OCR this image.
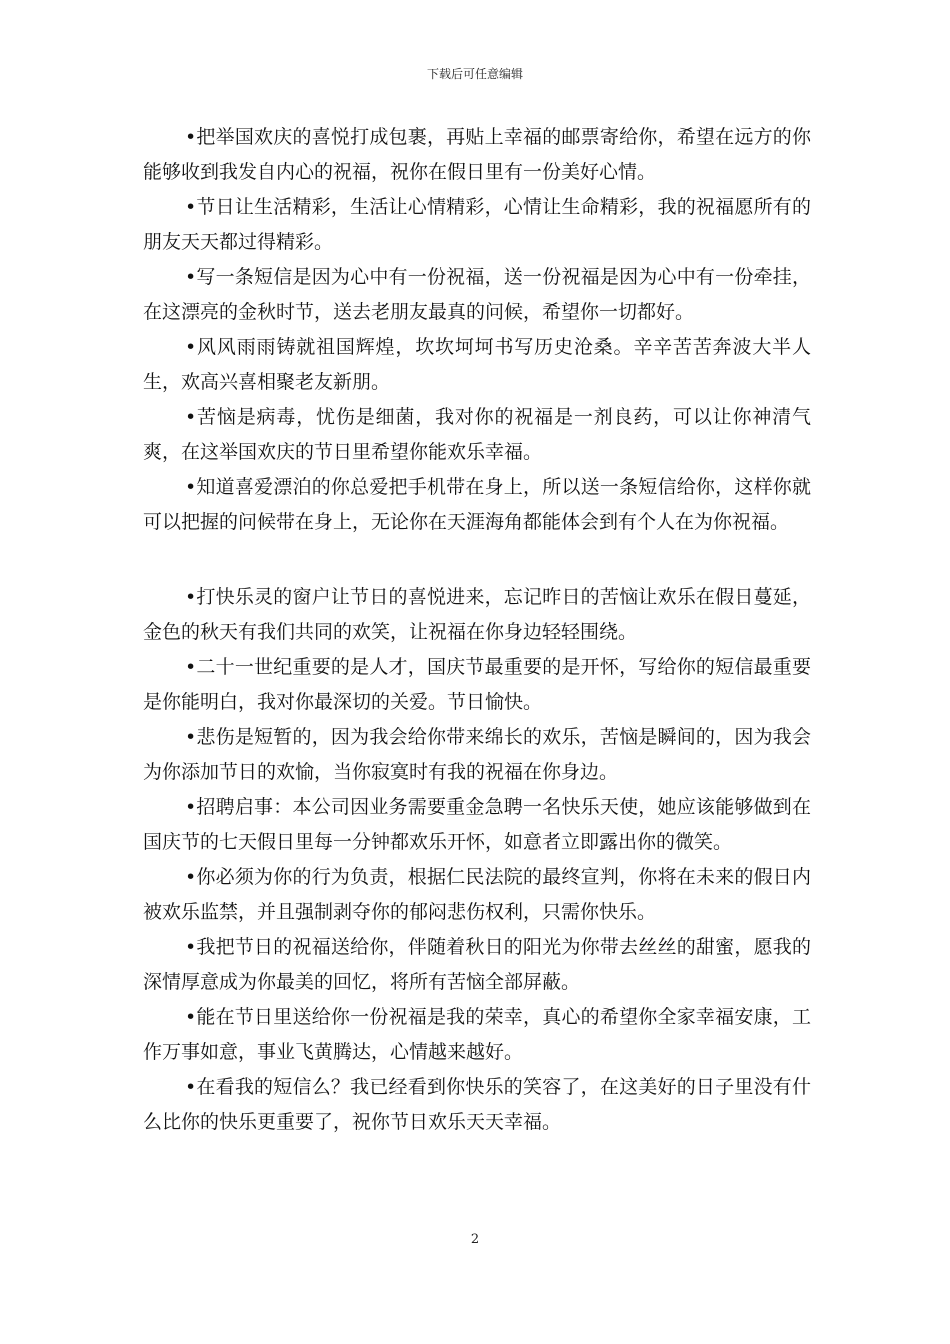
下载后可任意编辑

•把举国欢庆的喜悦打成包裹，再贴上幸福的邮票寄给你，希望在远方的你能够收到我发自内心的祝福，祝你在假日里有一份美好心情。

•节日让生活精彩，生活让心情精彩，心情让生命精彩，我的祝福愿所有的朋友天天都过得精彩。

•写一条短信是因为心中有一份祝福，送一份祝福是因为心中有一份牵挂，在这漂亮的金秋时节，送去老朋友最真的问候，希望你一切都好。

•风风雨雨铸就祖国辉煌，坎坎坷坷书写历史沧桑。辛辛苦苦奔波大半人生，欢高兴喜相聚老友新朋。

•苦恼是病毒，忧伤是细菌，我对你的祝福是一剂良药，可以让你神清气爽，在这举国欢庆的节日里希望你能欢乐幸福。

•知道喜爱漂泊的你总爱把手机带在身上，所以送一条短信给你，这样你就可以把握的问候带在身上，无论你在天涯海角都能体会到有个人在为你祝福。

•打快乐灵的窗户让节日的喜悦进来，忘记昨日的苦恼让欢乐在假日蔓延，金色的秋天有我们共同的欢笑，让祝福在你身边轻轻围绕。

•二十一世纪重要的是人才，国庆节最重要的是开怀，写给你的短信最重要是你能明白，我对你最深切的关爱。节日愉快。

•悲伤是短暂的，因为我会给你带来绵长的欢乐，苦恼是瞬间的，因为我会为你添加节日的欢愉，当你寂寞时有我的祝福在你身边。

•招聘启事：本公司因业务需要重金急聘一名快乐天使，她应该能够做到在国庆节的七天假日里每一分钟都欢乐开怀，如意者立即露出你的微笑。

•你必须为你的行为负责，根据仁民法院的最终宣判，你将在未来的假日内被欢乐监禁，并且强制剥夺你的郁闷悲伤权利，只需你快乐。

•我把节日的祝福送给你，伴随着秋日的阳光为你带去丝丝的甜蜜，愿我的深情厚意成为你最美的回忆，将所有苦恼全部屏蔽。

•能在节日里送给你一份祝福是我的荣幸，真心的希望你全家幸福安康，工作万事如意，事业飞黄腾达，心情越来越好。

•在看我的短信么？我已经看到你快乐的笑容了，在这美好的日子里没有什么比你的快乐更重要了，祝你节日欢乐天天幸福。

2
